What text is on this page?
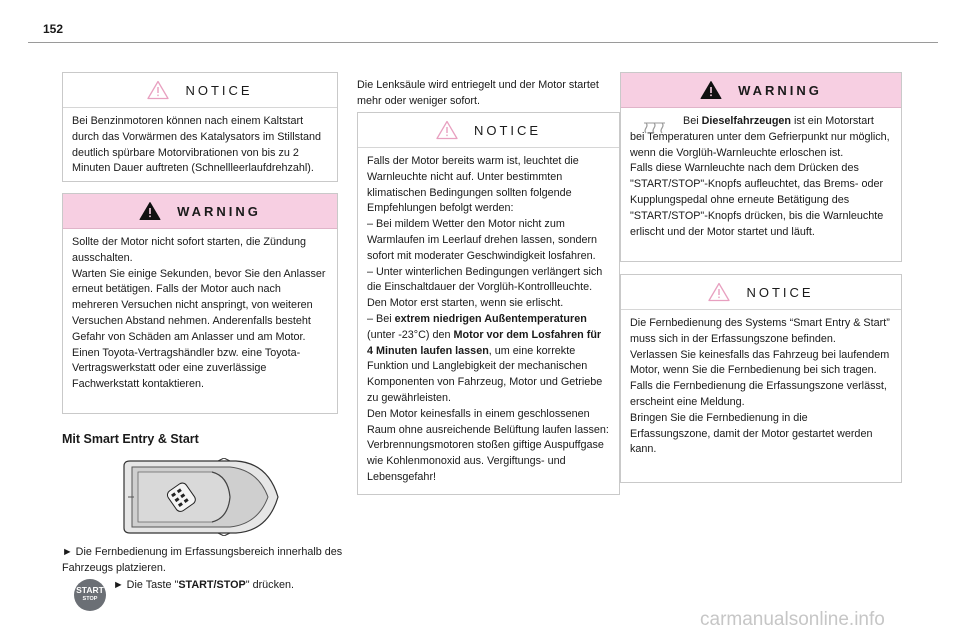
152
NOTICE

Bei Benzinmotoren können nach einem Kaltstart durch das Vorwärmen des Katalysators im Stillstand deutlich spürbare Motorvibrationen von bis zu 2 Minuten Dauer auftreten (Schnellleerlaufdrehzahl).

WARNING

Sollte der Motor nicht sofort starten, die Zündung ausschalten.

Warten Sie einige Sekunden, bevor Sie den Anlasser erneut betätigen. Falls der Motor auch nach mehreren Versuchen nicht anspringt, von weiteren Versuchen Abstand nehmen. Anderenfalls besteht Gefahr von Schäden am Anlasser und am Motor.

Einen Toyota-Vertragshändler bzw. eine Toyota-Vertragswerkstatt oder eine zuverlässige Fachwerkstatt kontaktieren.

Mit Smart Entry & Start
► Die Fernbedienung im Erfassungsbereich innerhalb des Fahrzeugs platzieren.
START
STOP
► Die Taste "START/STOP" drücken.
Die Lenksäule wird entriegelt und der Motor startet mehr oder weniger sofort.
NOTICE

Falls der Motor bereits warm ist, leuchtet die Warnleuchte nicht auf. Unter bestimmten klimatischen Bedingungen sollten folgende Empfehlungen befolgt werden:

– Bei mildem Wetter den Motor nicht zum Warmlaufen im Leerlauf drehen lassen, sondern sofort mit moderater Geschwindigkeit losfahren.

– Unter winterlichen Bedingungen verlängert sich die Einschaltdauer der Vorglüh-Kontrollleuchte. Den Motor erst starten, wenn sie erlischt.

– Bei extrem niedrigen Außentemperaturen (unter -23°C) den Motor vor dem Losfahren für 4 Minuten laufen lassen, um eine korrekte Funktion und Langlebigkeit der mechanischen Komponenten von Fahrzeug, Motor und Getriebe zu gewährleisten.

Den Motor keinesfalls in einem geschlossenen Raum ohne ausreichende Belüftung laufen lassen: Verbrennungsmotoren stoßen giftige Auspuffgase wie Kohlenmonoxid aus. Vergiftungs- und Lebensgefahr!

WARNING

Bei Dieselfahrzeugen ist ein Motorstart bei Temperaturen unter dem Gefrierpunkt nur möglich, wenn die Vorglüh-Warnleuchte erloschen ist.

Falls diese Warnleuchte nach dem Drücken des "START/STOP"-Knopfs aufleuchtet, das Brems- oder Kupplungspedal ohne erneute Betätigung des "START/STOP"-Knopfs drücken, bis die Warnleuchte erlischt und der Motor startet und läuft.

NOTICE

Die Fernbedienung des Systems “Smart Entry & Start” muss sich in der Erfassungszone befinden.

Verlassen Sie keinesfalls das Fahrzeug bei laufendem Motor, wenn Sie die Fernbedienung bei sich tragen.

Falls die Fernbedienung die Erfassungszone verlässt, erscheint eine Meldung.

Bringen Sie die Fernbedienung in die Erfassungszone, damit der Motor gestartet werden kann.

carmanualsonline.info
